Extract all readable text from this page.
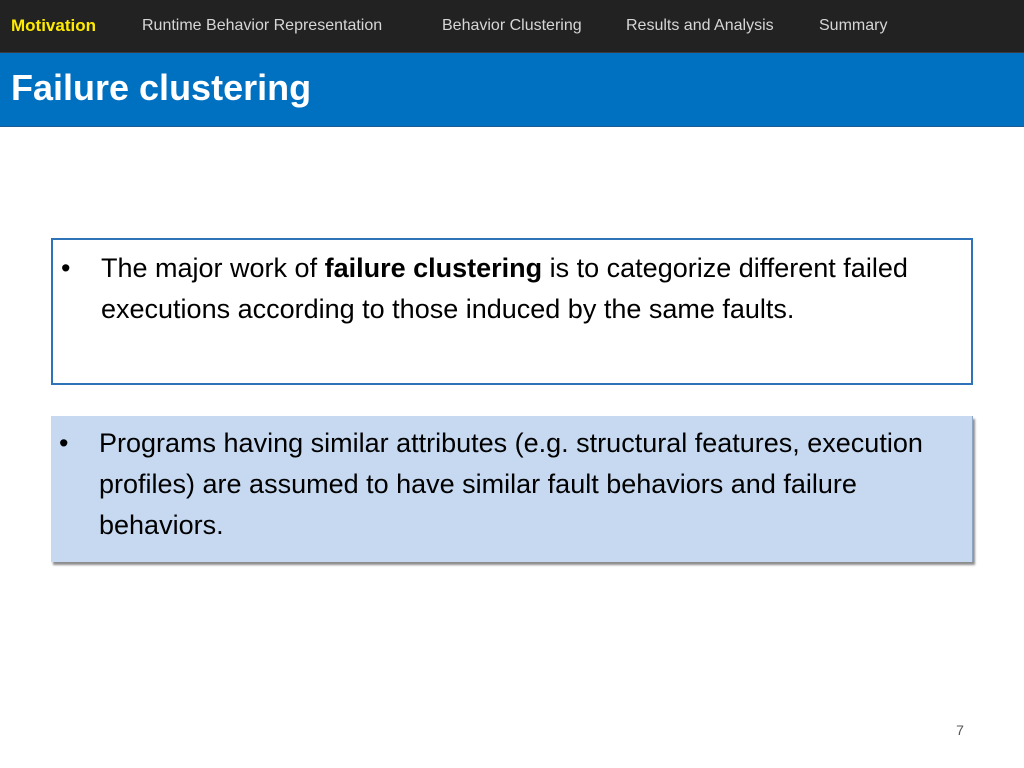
Motivation	Runtime Behavior Representation	Behavior Clustering	Results and Analysis	Summary
Failure clustering
• The major work of failure clustering is to categorize different failed executions according to those induced by the same faults.
• Programs having similar attributes (e.g. structural features, execution profiles) are assumed to have similar fault behaviors and failure behaviors.
7
